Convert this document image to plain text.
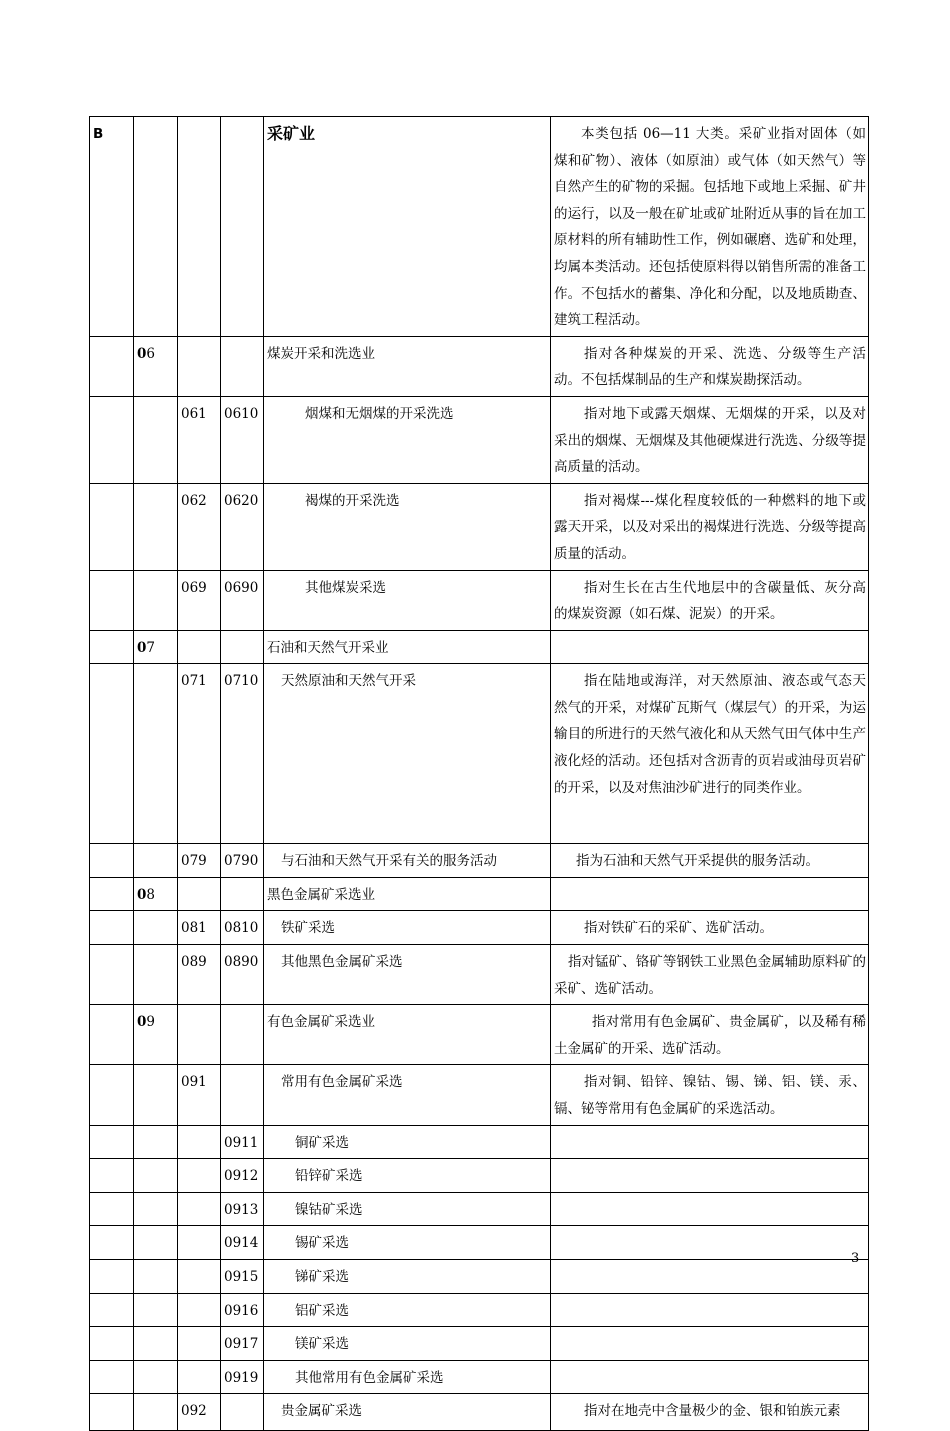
B				采矿业	本类包括 06—11 大类。采矿业指对固体（如煤和矿物）、液体（如原油）或气体（如天然气）等自然产生的矿物的采掘。包括地下或地上采掘、矿井的运行，以及一般在矿址或矿址附近从事的旨在加工原材料的所有辅助性工作，例如碾磨、选矿和处理，均属本类活动。还包括使原料得以销售所需的准备工作。不包括水的蓄集、净化和分配，以及地质勘查、建筑工程活动。

	06			煤炭开采和洗选业	指对各种煤炭的开采、洗选、分级等生产活动。不包括煤制品的生产和煤炭勘探活动。

		061	0610	烟煤和无烟煤的开采洗选	指对地下或露天烟煤、无烟煤的开采，以及对采出的烟煤、无烟煤及其他硬煤进行洗选、分级等提高质量的活动。

		062	0620	褐煤的开采洗选	指对褐煤---煤化程度较低的一种燃料的地下或露天开采，以及对采出的褐煤进行洗选、分级等提高质量的活动。

		069	0690	其他煤炭采选	指对生长在古生代地层中的含碳量低、灰分高的煤炭资源（如石煤、泥炭）的开采。

	07			石油和天然气开采业	
		071	0710	天然原油和天然气开采	指在陆地或海洋，对天然原油、液态或气态天然气的开采，对煤矿瓦斯气（煤层气）的开采，为运输目的所进行的天然气液化和从天然气田气体中生产液化烃的活动。还包括对含沥青的页岩或油母页岩矿的开采，以及对焦油沙矿进行的同类作业。

		079	0790	与石油和天然气开采有关的服务活动	指为石油和天然气开采提供的服务活动。

	08			黑色金属矿采选业	
		081	0810	铁矿采选	指对铁矿石的采矿、选矿活动。

		089	0890	其他黑色金属矿采选	指对锰矿、铬矿等钢铁工业黑色金属辅助原料矿的采矿、选矿活动。

	09			有色金属矿采选业	指对常用有色金属矿、贵金属矿，以及稀有稀土金属矿的开采、选矿活动。

		091		常用有色金属矿采选	指对铜、铅锌、镍钴、锡、锑、铝、镁、汞、镉、铋等常用有色金属矿的采选活动。

			0911	铜矿采选	
			0912	铅锌矿采选	
			0913	镍钴矿采选	
			0914	锡矿采选	
			0915	锑矿采选	
			0916	铝矿采选	
			0917	镁矿采选	
			0919	其他常用有色金属矿采选	
		092		贵金属矿采选	指对在地壳中含量极少的金、银和铂族元素
3
